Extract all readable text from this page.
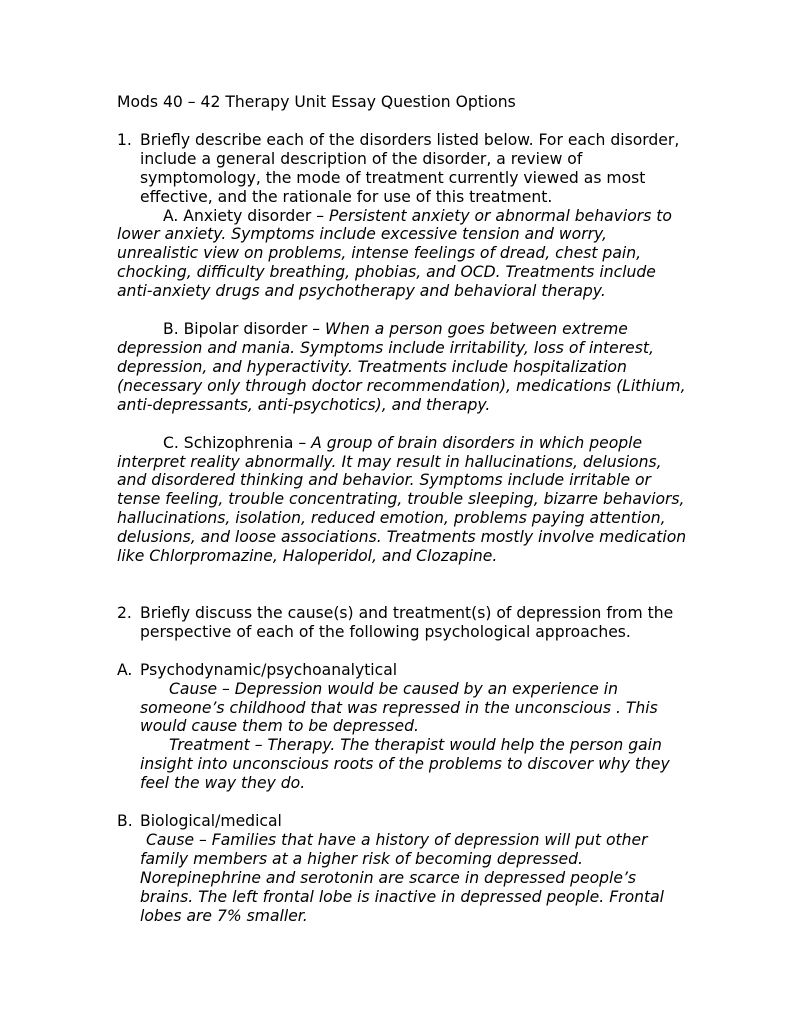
Mods 40 – 42 Therapy Unit Essay Question Options

1. Briefly describe each of the disorders listed below. For each disorder, include a general description of the disorder, a review of symptomology, the mode of treatment currently viewed as most effective, and the rationale for use of this treatment.

A. Anxiety disorder – Persistent anxiety or abnormal behaviors to lower anxiety. Symptoms include excessive tension and worry, unrealistic view on problems, intense feelings of dread, chest pain, chocking, difficulty breathing, phobias, and OCD. Treatments include anti-anxiety drugs and psychotherapy and behavioral therapy.

B. Bipolar disorder – When a person goes between extreme depression and mania. Symptoms include irritability, loss of interest, depression, and hyperactivity. Treatments include hospitalization (necessary only through doctor recommendation), medications (Lithium, anti-depressants, anti-psychotics), and therapy.

C. Schizophrenia – A group of brain disorders in which people interpret reality abnormally. It may result in hallucinations, delusions, and disordered thinking and behavior. Symptoms include irritable or tense feeling, trouble concentrating, trouble sleeping, bizarre behaviors, hallucinations, isolation, reduced emotion, problems paying attention, delusions, and loose associations. Treatments mostly involve medication like Chlorpromazine, Haloperidol, and Clozapine.

2. Briefly discuss the cause(s) and treatment(s) of depression from the perspective of each of the following psychological approaches.
A. Psychodynamic/psychoanalytical

Cause – Depression would be caused by an experience in someone’s childhood that was repressed in the unconscious . This would cause them to be depressed.

Treatment – Therapy. The therapist would help the person gain insight into unconscious roots of the problems to discover why they feel the way they do.

B. Biological/medical

Cause – Families that have a history of depression will put other family members at a higher risk of becoming depressed. Norepinephrine and serotonin are scarce in depressed people’s brains. The left frontal lobe is inactive in depressed people. Frontal lobes are 7% smaller.
